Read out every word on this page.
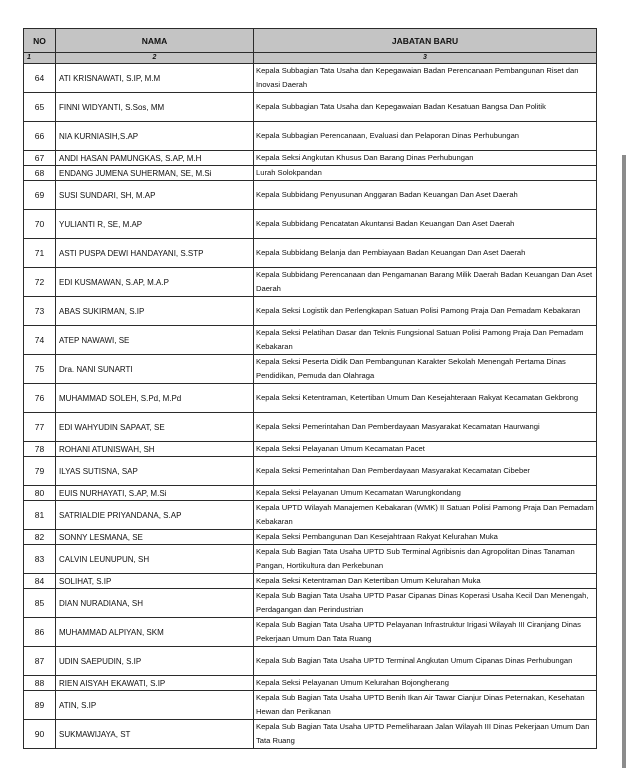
NO	NAMA	JABATAN BARU
1	2	3
64	ATI KRISNAWATI, S.IP, M.M	Kepala Subbagian Tata Usaha dan Kepegawaian Badan Perencanaan Pembangunan Riset dan Inovasi Daerah
65	FINNI WIDYANTI, S.Sos, MM	Kepala Subbagian Tata Usaha dan Kepegawaian Badan Kesatuan Bangsa Dan Politik
66	NIA KURNIASIH,S.AP	Kepala Subbagian Perencanaan, Evaluasi dan Pelaporan Dinas Perhubungan
67	ANDI HASAN PAMUNGKAS, S.AP, M.H	Kepala Seksi Angkutan Khusus Dan Barang Dinas Perhubungan
68	ENDANG JUMENA SUHERMAN, SE, M.Si	Lurah Solokpandan
69	SUSI SUNDARI, SH, M.AP	Kepala Subbidang Penyusunan Anggaran Badan Keuangan Dan Aset Daerah
70	YULIANTI R, SE, M.AP	Kepala Subbidang Pencatatan Akuntansi Badan Keuangan Dan Aset Daerah
71	ASTI PUSPA DEWI HANDAYANI, S.STP	Kepala Subbidang Belanja dan Pembiayaan Badan Keuangan Dan Aset Daerah
72	EDI KUSMAWAN, S.AP, M.A.P	Kepala Subbidang Perencanaan dan Pengamanan Barang Milik Daerah Badan Keuangan Dan Aset Daerah
73	ABAS SUKIRMAN, S.IP	Kepala Seksi Logistik dan Perlengkapan Satuan Polisi Pamong Praja Dan Pemadam Kebakaran
74	ATEP NAWAWI, SE	Kepala Seksi Pelatihan Dasar dan Teknis Fungsional Satuan Polisi Pamong Praja Dan Pemadam Kebakaran
75	Dra. NANI SUNARTI	Kepala Seksi Peserta Didik Dan Pembangunan Karakter Sekolah Menengah Pertama Dinas Pendidikan, Pemuda dan Olahraga
76	MUHAMMAD SOLEH, S.Pd, M.Pd	Kepala Seksi Ketentraman, Ketertiban Umum Dan Kesejahteraan Rakyat Kecamatan Gekbrong
77	EDI WAHYUDIN SAPAAT, SE	Kepala Seksi Pemerintahan Dan Pemberdayaan Masyarakat Kecamatan Haurwangi
78	ROHANI ATUNISWAH, SH	Kepala Seksi Pelayanan Umum Kecamatan Pacet
79	ILYAS SUTISNA, SAP	Kepala Seksi Pemerintahan Dan Pemberdayaan Masyarakat Kecamatan Cibeber
80	EUIS NURHAYATI, S.AP, M.Si	Kepala Seksi Pelayanan Umum Kecamatan Warungkondang
81	SATRIALDIE PRIYANDANA, S.AP	Kepala UPTD Wilayah Manajemen Kebakaran (WMK) II Satuan Polisi Pamong Praja Dan Pemadam Kebakaran
82	SONNY LESMANA, SE	Kepala Seksi Pembangunan Dan Kesejahtraan Rakyat Kelurahan Muka
83	CALVIN LEUNUPUN, SH	Kepala Sub Bagian Tata Usaha UPTD Sub Terminal Agribisnis dan Agropolitan Dinas Tanaman Pangan, Hortikultura dan Perkebunan
84	SOLIHAT, S.IP	Kepala Seksi Ketentraman Dan Ketertiban Umum Kelurahan Muka
85	DIAN NURADIANA, SH	Kepala Sub Bagian Tata Usaha UPTD Pasar Cipanas Dinas Koperasi Usaha Kecil Dan Menengah, Perdagangan dan Perindustrian
86	MUHAMMAD ALPIYAN, SKM	Kepala Sub Bagian Tata Usaha UPTD Pelayanan Infrastruktur Irigasi Wilayah III Ciranjang Dinas Pekerjaan Umum Dan Tata Ruang
87	UDIN SAEPUDIN, S.IP	Kepala Sub Bagian Tata Usaha UPTD Terminal Angkutan Umum Cipanas Dinas Perhubungan
88	RIEN AISYAH EKAWATI, S.IP	Kepala Seksi Pelayanan Umum Kelurahan Bojongherang
89	ATIN, S.IP	Kepala Sub Bagian Tata Usaha UPTD Benih Ikan Air Tawar Cianjur Dinas Peternakan, Kesehatan Hewan dan Perikanan
90	SUKMAWIJAYA, ST	Kepala Sub Bagian Tata Usaha UPTD Pemeliharaan Jalan Wilayah III Dinas Pekerjaan Umum Dan Tata Ruang
